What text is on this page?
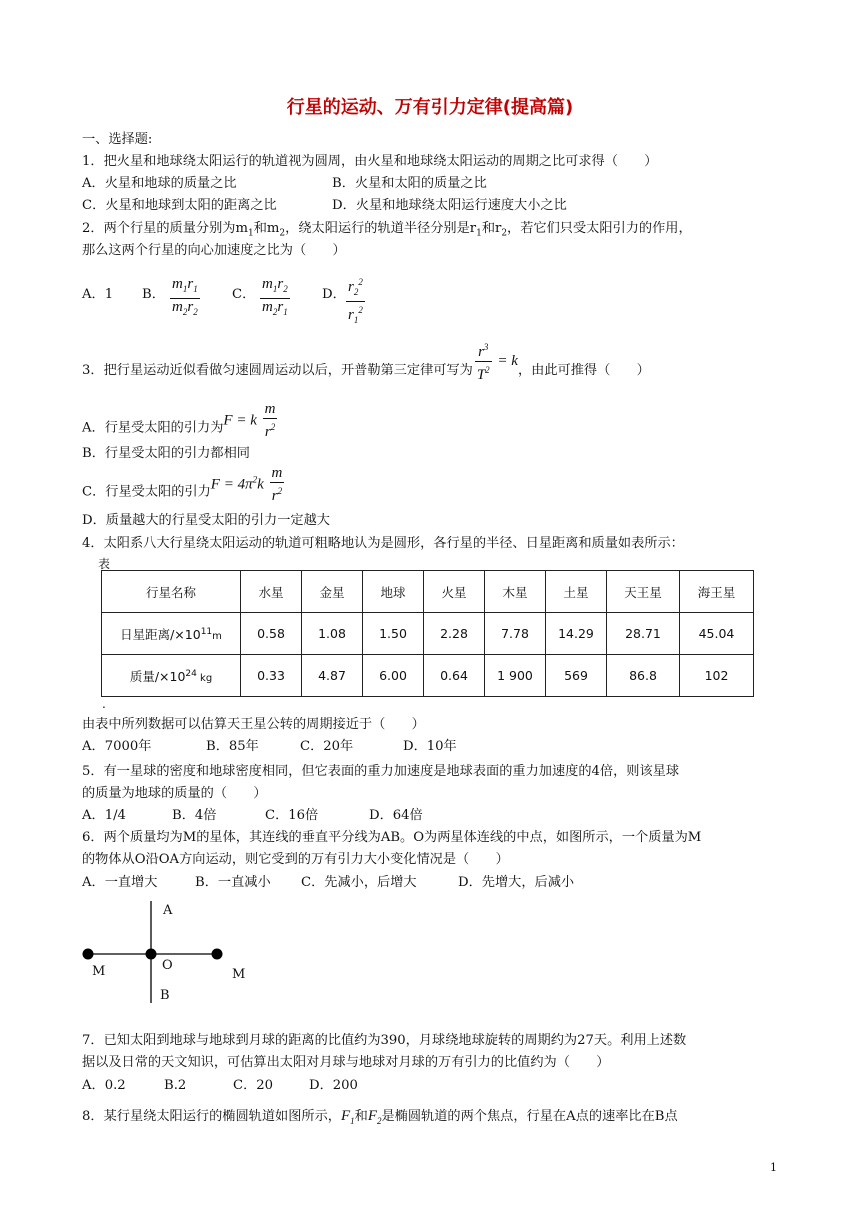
行星的运动、万有引力定律(提高篇)
一、选择题:
1．把火星和地球绕太阳运行的轨道视为圆周，由火星和地球绕太阳运动的周期之比可求得（　　）
A．火星和地球的质量之比	B．火星和太阳的质量之比
C．火星和地球到太阳的距离之比	D．火星和地球绕太阳运行速度大小之比
2．两个行星的质量分别为$m_1$和$m_2$，绕太阳运行的轨道半径分别是$r_1$和$r_2$，若它们只受太阳引力的作用，
那么这两个行星的向心加速度之比为（　　）
A．1 B． $\frac{m_1r_1}{m_2r_2}$ C． $\frac{m_1r_2}{m_2r_1}$ D． $\frac{r_2^2}{r_1^2}$
3．把行星运动近似看做匀速圆周运动以后，开普勒第三定律可写为 $\frac{r^3}{T^2} = k$，由此可推得（　　）
A．行星受太阳的引力为F = k $\frac{m}{r^2}$
B．行星受太阳的引力都相同
C．行星受太阳的引力$F = 4\pi^2k \frac{m}{r^2}$
D．质量越大的行星受太阳的引力一定越大
4．太阳系八大行星绕太阳运动的轨道可粗略地认为是圆形，各行星的半径、日星距离和质量如表所示：
表
行星名称	水星	金星	地球	火星	木星	土星	天王星	海王星
日星距离$/\times 10^{11}m$	0.58	1.08	1.50	2.28	7.78	14.29	28.71	45.04
质量$/\times 10^{24}$ kg	0.33	4.87	6.00	0.64	1 900	569	86.8	102
.
由表中所列数据可以估算天王星公转的周期接近于（　　）
A．7000年	B．85年	C．20年	D．10年
5．有一星球的密度和地球密度相同，但它表面的重力加速度是地球表面的重力加速度的4倍，则该星球
的质量为地球的质量的（　　）
A．1/4	B．4倍	C．16倍	D．64倍
6．两个质量均为M的星体，其连线的垂直平分线为AB。O为两星体连线的中点，如图所示，一个质量为M
的物体从O沿OA方向运动，则它受到的万有引力大小变化情况是（　　）
A．一直增大	B．一直减小 C．先减小，后增大	D．先增大，后减小
A
O
B
M	M
7．已知太阳到地球与地球到月球的距离的比值约为390，月球绕地球旋转的周期约为27天。利用上述数
据以及日常的天文知识，可估算出太阳对月球与地球对月球的万有引力的比值约为（　　）
A．0.2	B.2	C．20	D．200
8．某行星绕太阳运行的椭圆轨道如图所示，$F_1$和$F_2$是椭圆轨道的两个焦点，行星在A点的速率比在B点
1
